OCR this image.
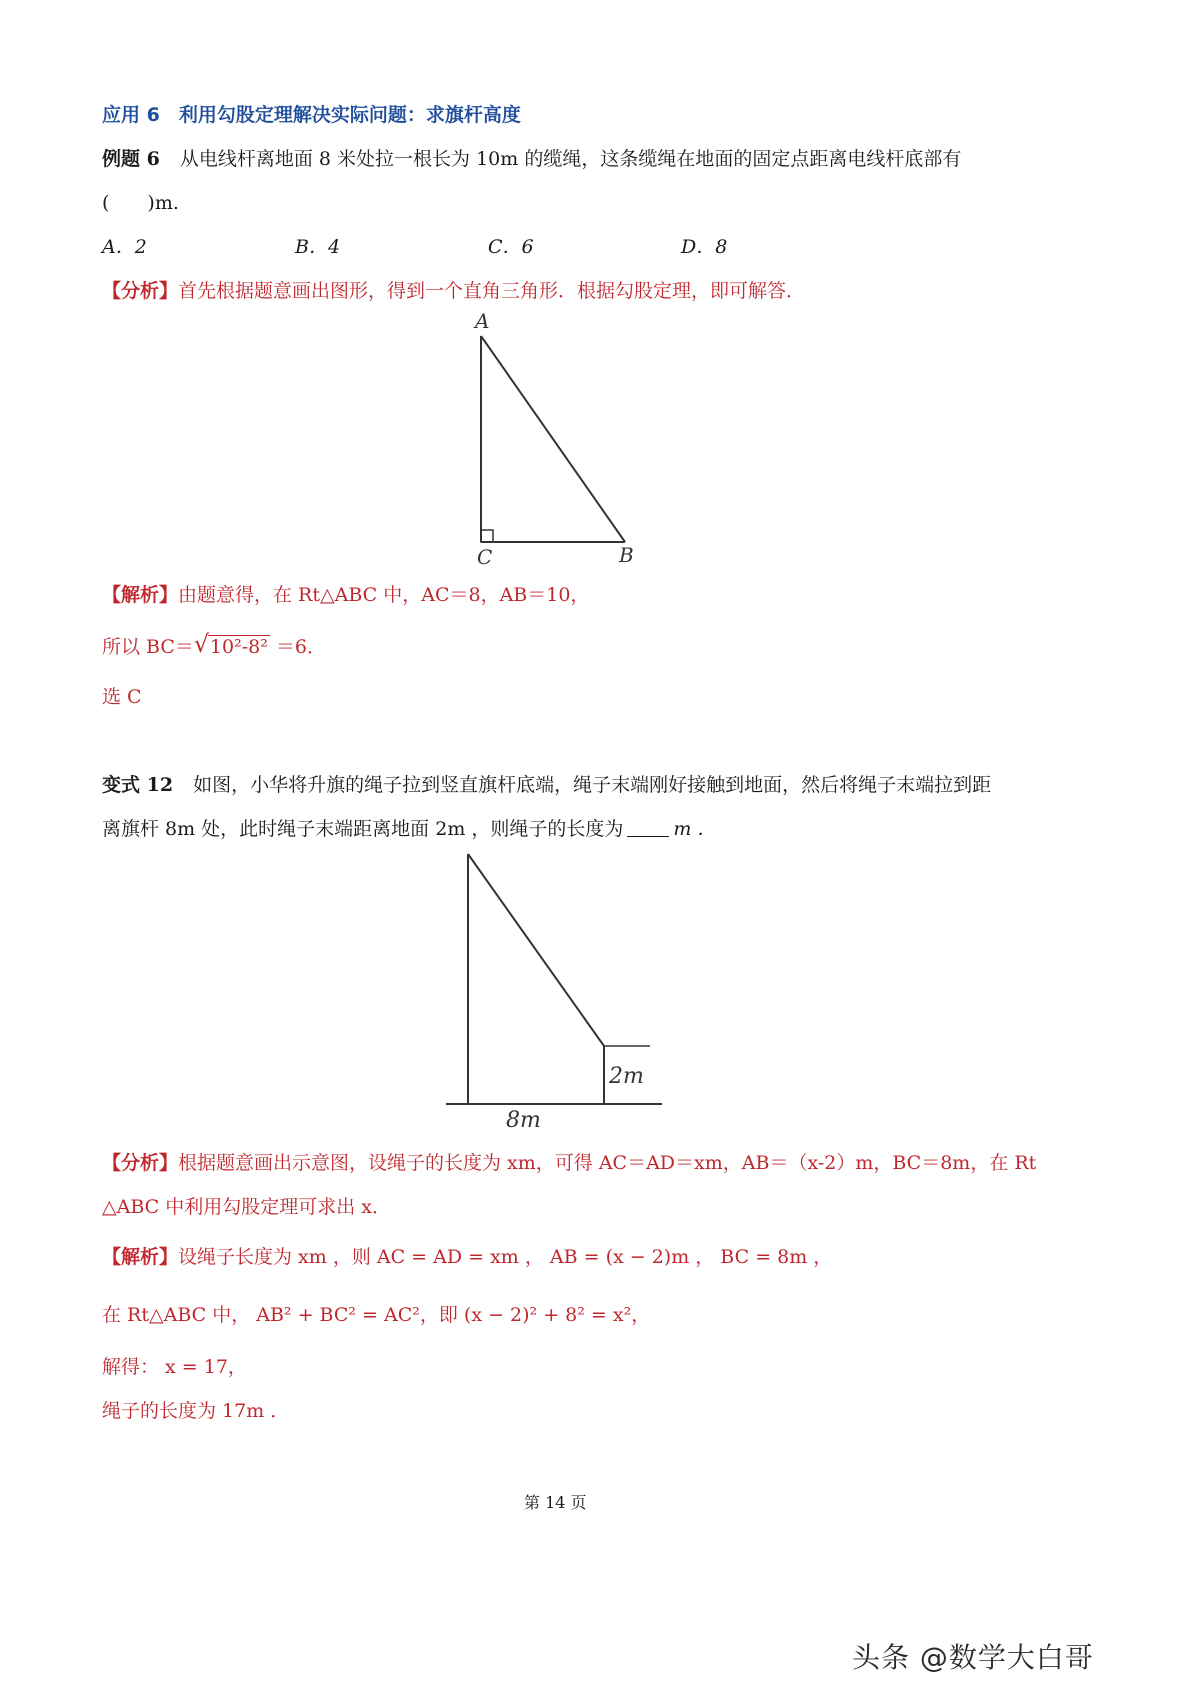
应用 6　利用勾股定理解决实际问题：求旗杆高度
例题 6 从电线杆离地面 8 米处拉一根长为 10m 的缆绳，这条缆绳在地面的固定点距离电线杆底部有
(　　)m.
A．2	B．4	C．6	D．8
【分析】首先根据题意画出图形，得到一个直角三角形．根据勾股定理，即可解答．
A
C	B
【解析】由题意得，在 Rt△ABC 中，AC＝8，AB＝10，
所以 BC＝ √ 10²-8² ＝6．
选 C
变式 12 如图，小华将升旗的绳子拉到竖直旗杆底端，绳子末端刚好接触到地面，然后将绳子末端拉到距
离旗杆 8m 处，此时绳子末端距离地面 2m ，则绳子的长度为	m ．
2m
8m
【分析】根据题意画出示意图，设绳子的长度为 xm，可得 AC＝AD＝xm，AB＝（x-2）m，BC＝8m，在 Rt
△ABC 中利用勾股定理可求出 x．
【解析】设绳子长度为 xm ，则 AC = AD = xm ， AB = (x − 2)m ， BC = 8m ，
在 Rt△ABC 中， AB² + BC² = AC²，即 (x − 2)² + 8² = x²，
解得： x = 17，
绳子的长度为 17m ．
第 14 页
头条 @数学大白哥
